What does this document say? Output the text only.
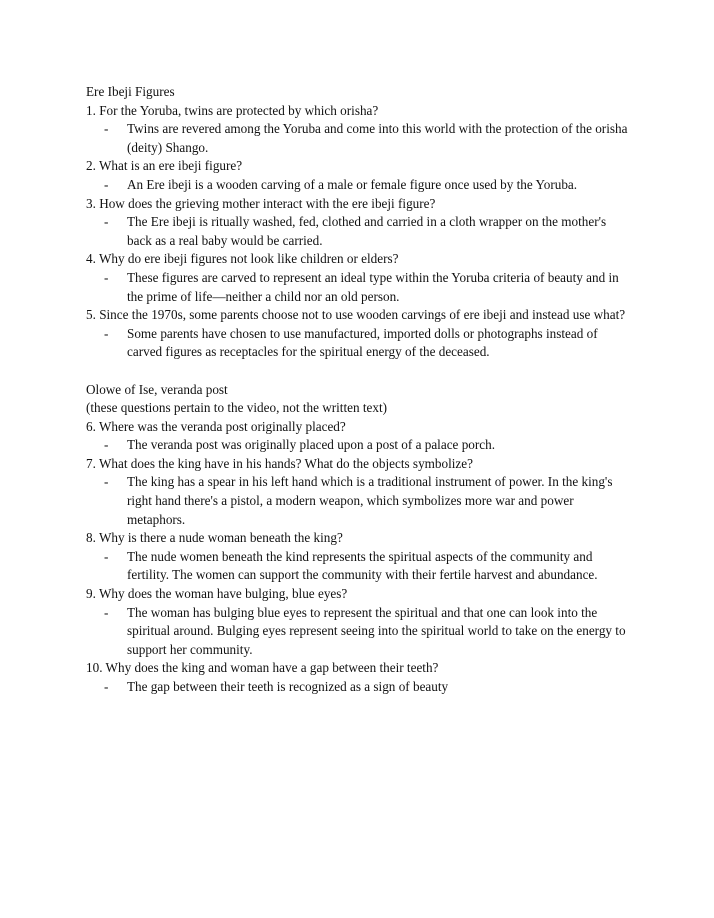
Ere Ibeji Figures

1. For the Yoruba, twins are protected by which orisha?

-	Twins are revered among the Yoruba and come into this world with the protection of the orisha (deity) Shango.

2. What is an ere ibeji figure?

-	An Ere ibeji is a wooden carving of a male or female figure once used by the Yoruba.

3. How does the grieving mother interact with the ere ibeji figure?

-	The Ere ibeji is ritually washed, fed, clothed and carried in a cloth wrapper on the mother's back as a real baby would be carried.

4. Why do ere ibeji figures not look like children or elders?

-	These figures are carved to represent an ideal type within the Yoruba criteria of beauty and in the prime of life—neither a child nor an old person.

5. Since the 1970s, some parents choose not to use wooden carvings of ere ibeji and instead use what?

-	Some parents have chosen to use manufactured, imported dolls or photographs instead of carved figures as receptacles for the spiritual energy of the deceased.

Olowe of Ise, veranda post

(these questions pertain to the video, not the written text)

6. Where was the veranda post originally placed?

-	The veranda post was originally placed upon a post of a palace porch.

7. What does the king have in his hands? What do the objects symbolize?

-	The king has a spear in his left hand which is a traditional instrument of power. In the king's right hand there's a pistol, a modern weapon, which symbolizes more war and power metaphors.

8. Why is there a nude woman beneath the king?

-	The nude women beneath the kind represents the spiritual aspects of the community and fertility. The women can support the community with their fertile harvest and abundance.

9. Why does the woman have bulging, blue eyes?

-	The woman has bulging blue eyes to represent the spiritual and that one can look into the spiritual around. Bulging eyes represent seeing into the spiritual world to take on the energy to support her community.

10. Why does the king and woman have a gap between their teeth?

-	The gap between their teeth is recognized as a sign of beauty
